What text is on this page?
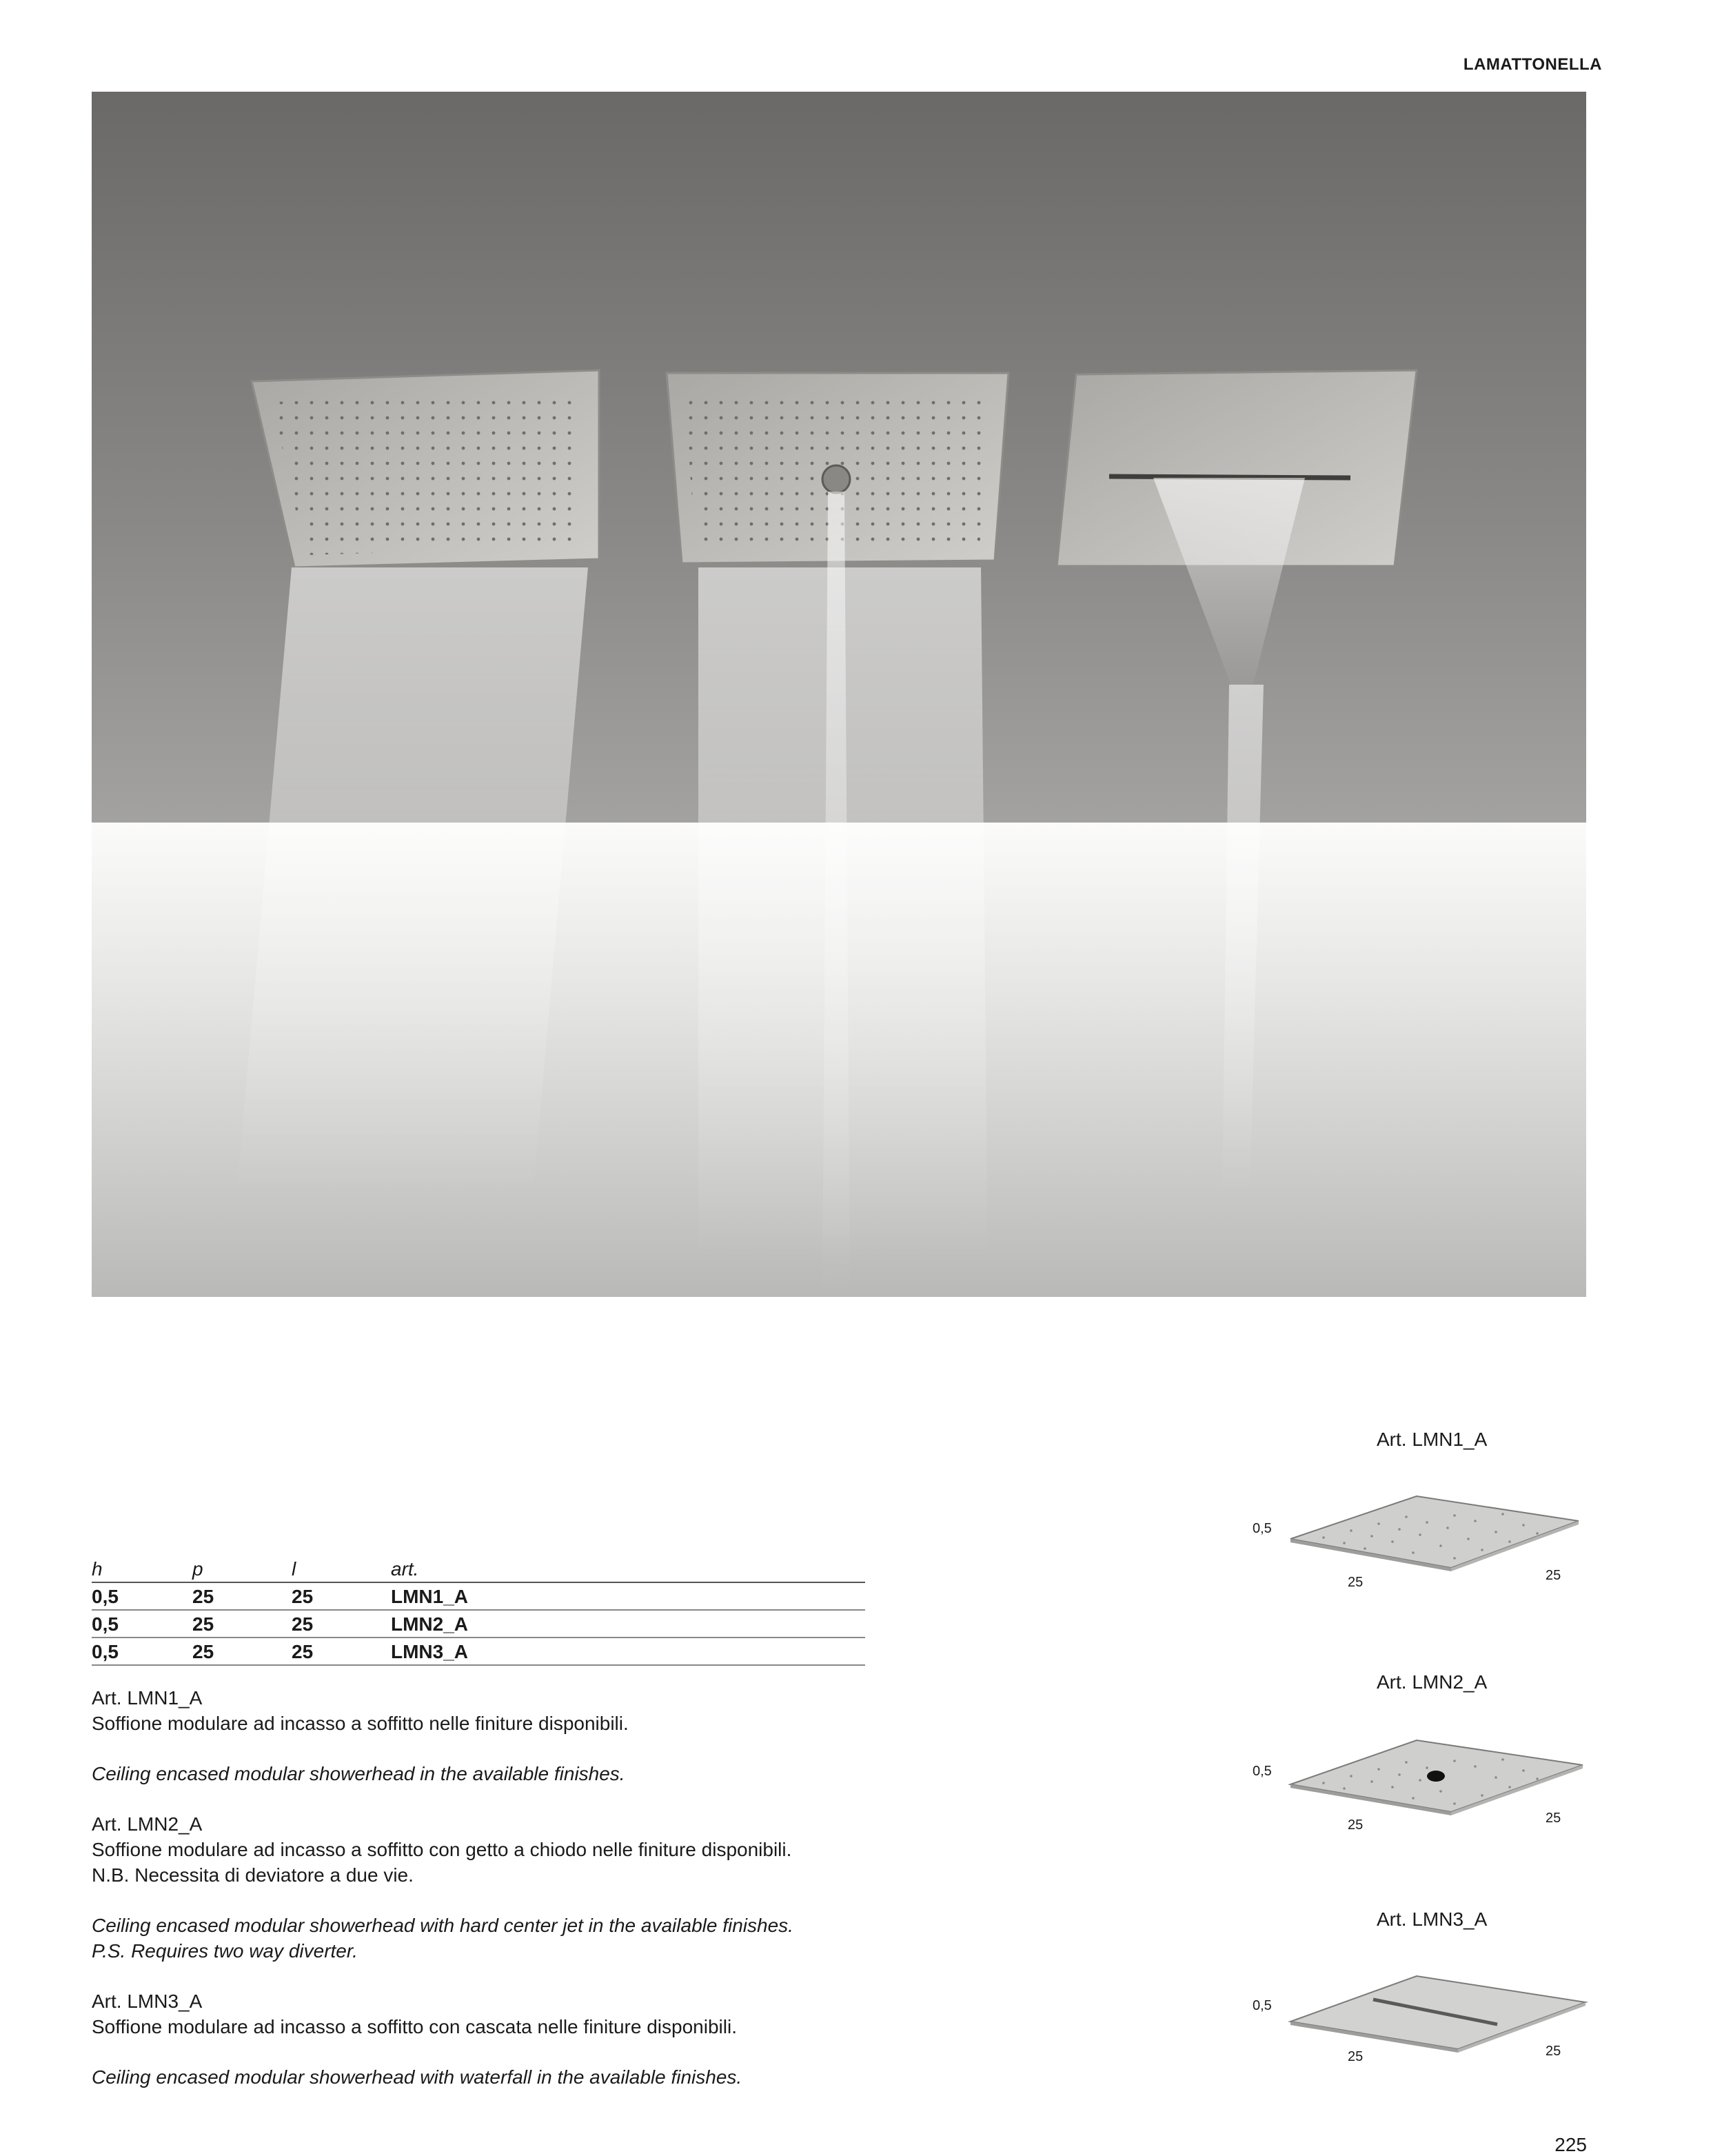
LAMATTONELLA
h	p	l	art.
0,5	25	25	LMN1_A
0,5	25	25	LMN2_A
0,5	25	25	LMN3_A

Art. LMN1_A

Soffione modulare ad incasso a soffitto nelle finiture disponibili.

Ceiling encased modular showerhead in the available finishes.

Art. LMN2_A

Soffione modulare ad incasso a soffitto con getto a chiodo nelle finiture disponibili.

N.B. Necessita di deviatore a due vie.

Ceiling encased modular showerhead with hard center jet in the available finishes.

P.S. Requires two way diverter.

Art. LMN3_A

Soffione modulare ad incasso a soffitto con cascata nelle finiture disponibili.

Ceiling encased modular showerhead with waterfall in the available finishes.

Art. LMN1_A
0,5
25	25
Art. LMN2_A
0,5
25	25
Art. LMN3_A
0,5
25	25
225
